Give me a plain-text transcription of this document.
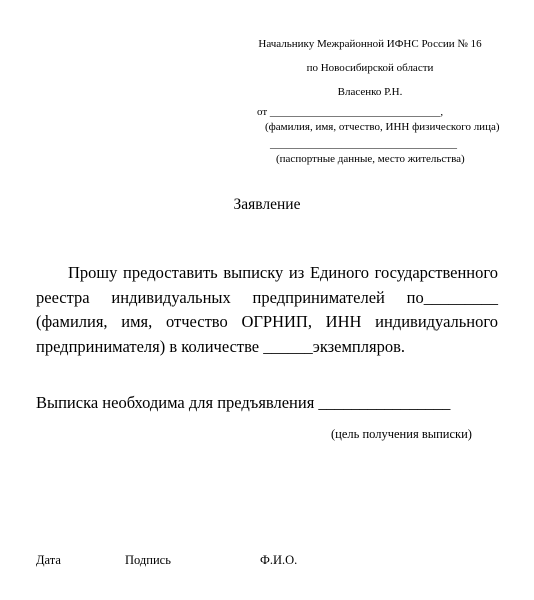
Начальнику Межрайонной ИФНС России № 16
по Новосибирской области
Власенко Р.Н.
от _______________________________,
(фамилия, имя, отчество, ИНН физического лица)
__________________________________
(паспортные данные, место жительства)
Заявление
Прошу предоставить выписку из Единого государственного реестра индивидуальных предпринимателей по_________ (фамилия, имя, отчество ОГРНИП, ИНН индивидуального предпринимателя) в количестве ______экземпляров.
Выписка необходима для предъявления ________________
(цель получения выписки)
Дата	Подпись	Ф.И.О.
